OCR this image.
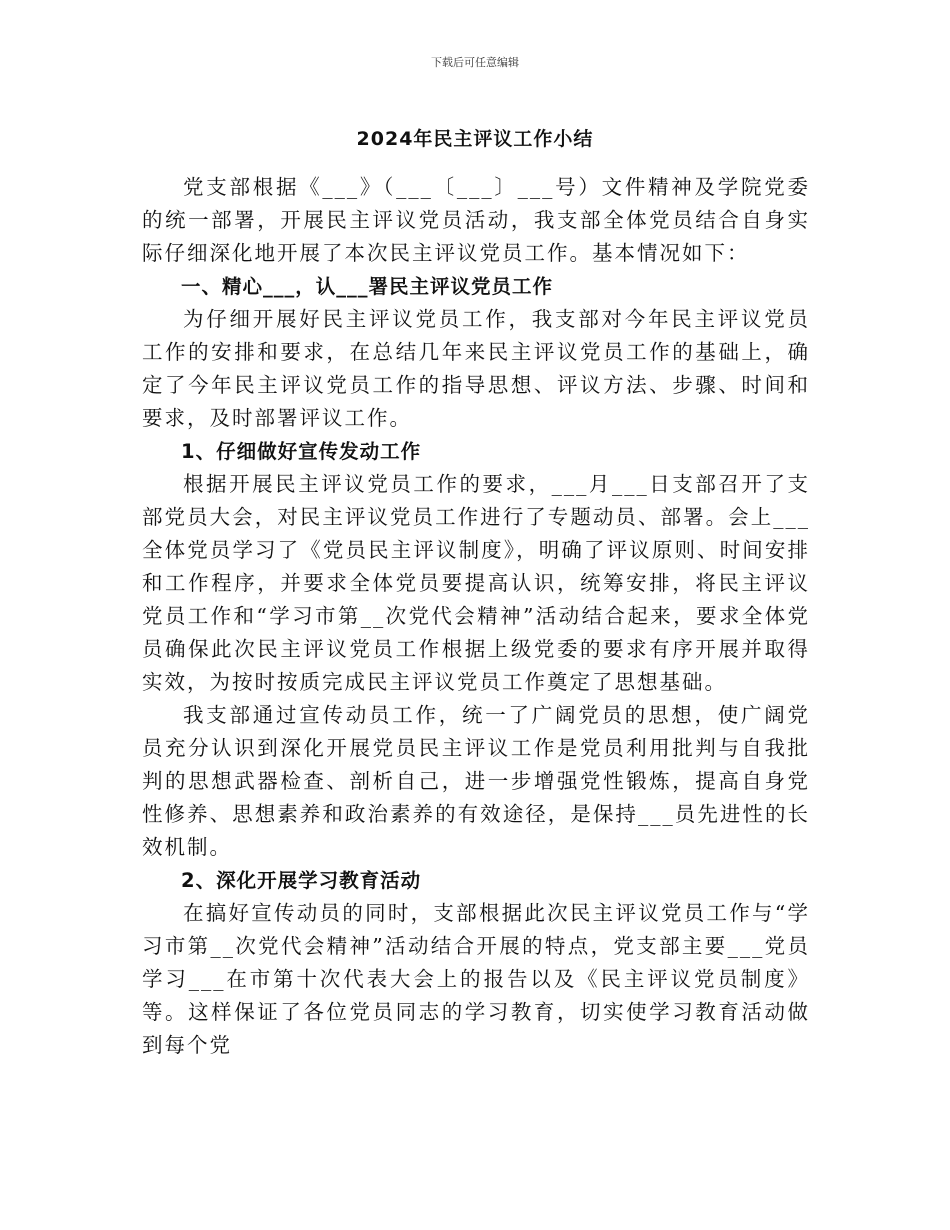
下载后可任意编辑
2024年民主评议工作小结

党支部根据《___》（___〔___〕___号）文件精神及学院党委的统一部署，开展民主评议党员活动，我支部全体党员结合自身实际仔细深化地开展了本次民主评议党员工作。基本情况如下：

一、精心___，认___署民主评议党员工作

为仔细开展好民主评议党员工作，我支部对今年民主评议党员工作的安排和要求，在总结几年来民主评议党员工作的基础上，确定了今年民主评议党员工作的指导思想、评议方法、步骤、时间和要求，及时部署评议工作。

1、仔细做好宣传发动工作

根据开展民主评议党员工作的要求，___月___日支部召开了支部党员大会，对民主评议党员工作进行了专题动员、部署。会上___全体党员学习了《党员民主评议制度》，明确了评议原则、时间安排和工作程序，并要求全体党员要提高认识，统筹安排，将民主评议党员工作和“学习市第__次党代会精神”活动结合起来，要求全体党员确保此次民主评议党员工作根据上级党委的要求有序开展并取得实效，为按时按质完成民主评议党员工作奠定了思想基础。

我支部通过宣传动员工作，统一了广阔党员的思想，使广阔党员充分认识到深化开展党员民主评议工作是党员利用批判与自我批判的思想武器检查、剖析自己，进一步增强党性锻炼，提高自身党性修养、思想素养和政治素养的有效途径，是保持___员先进性的长效机制。

2、深化开展学习教育活动

在搞好宣传动员的同时，支部根据此次民主评议党员工作与“学习市第__次党代会精神”活动结合开展的特点，党支部主要___党员学习___在市第十次代表大会上的报告以及《民主评议党员制度》等。这样保证了各位党员同志的学习教育，切实使学习教育活动做到每个党
